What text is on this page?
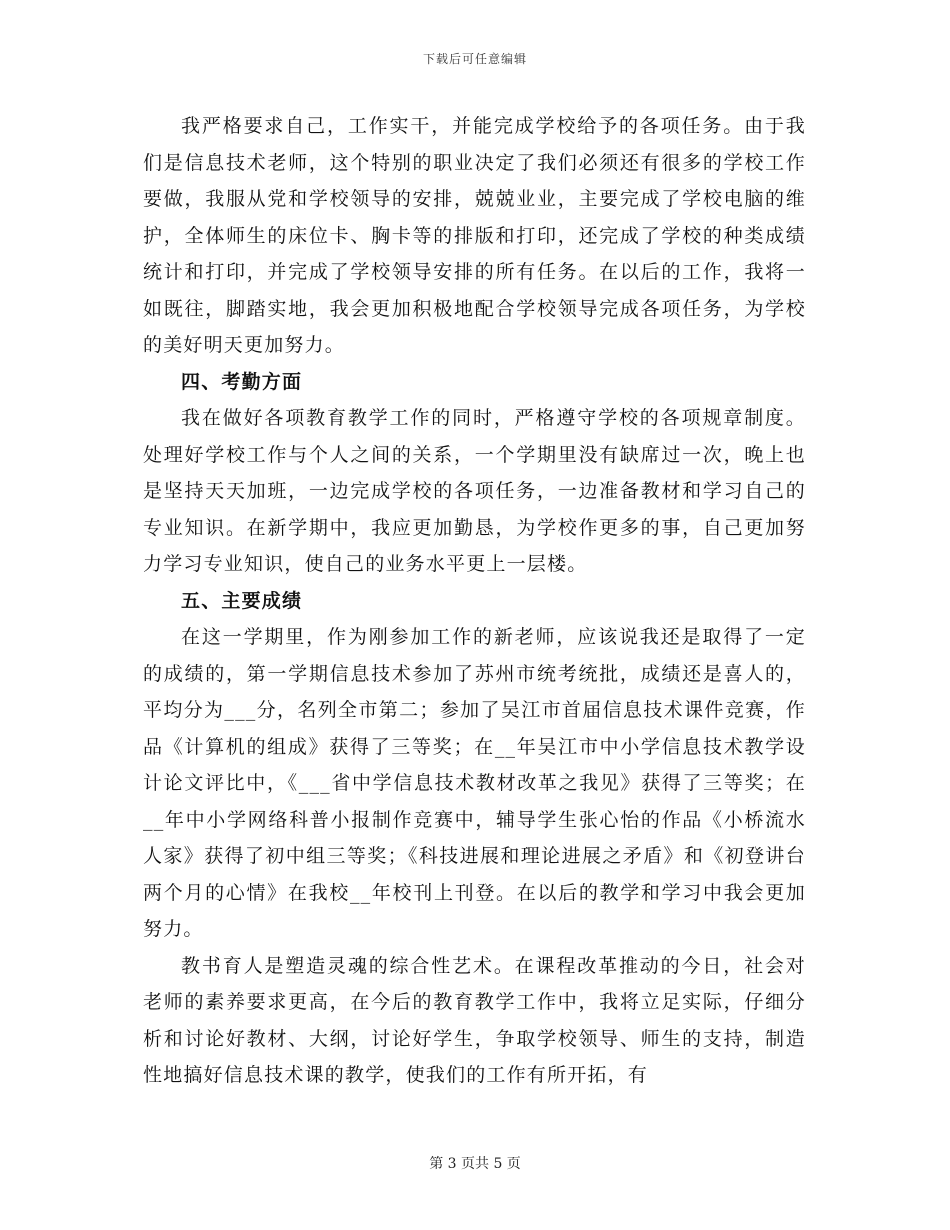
下载后可任意编辑

我严格要求自己，工作实干，并能完成学校给予的各项任务。由于我们是信息技术老师，这个特别的职业决定了我们必须还有很多的学校工作要做，我服从党和学校领导的安排，兢兢业业，主要完成了学校电脑的维护，全体师生的床位卡、胸卡等的排版和打印，还完成了学校的种类成绩统计和打印，并完成了学校领导安排的所有任务。在以后的工作，我将一如既往，脚踏实地，我会更加积极地配合学校领导完成各项任务，为学校的美好明天更加努力。

四、考勤方面

我在做好各项教育教学工作的同时，严格遵守学校的各项规章制度。处理好学校工作与个人之间的关系，一个学期里没有缺席过一次，晚上也是坚持天天加班，一边完成学校的各项任务，一边准备教材和学习自己的专业知识。在新学期中，我应更加勤恳，为学校作更多的事，自己更加努力学习专业知识，使自己的业务水平更上一层楼。

五、主要成绩

在这一学期里，作为刚参加工作的新老师，应该说我还是取得了一定的成绩的，第一学期信息技术参加了苏州市统考统批，成绩还是喜人的，平均分为___分，名列全市第二；参加了吴江市首届信息技术课件竞赛，作品《计算机的组成》获得了三等奖；在__年吴江市中小学信息技术教学设计论文评比中，《___省中学信息技术教材改革之我见》获得了三等奖；在__年中小学网络科普小报制作竞赛中，辅导学生张心怡的作品《小桥流水人家》获得了初中组三等奖；《科技进展和理论进展之矛盾》和《初登讲台两个月的心情》在我校__年校刊上刊登。在以后的教学和学习中我会更加努力。

教书育人是塑造灵魂的综合性艺术。在课程改革推动的今日，社会对老师的素养要求更高，在今后的教育教学工作中，我将立足实际，仔细分析和讨论好教材、大纲，讨论好学生，争取学校领导、师生的支持，制造性地搞好信息技术课的教学，使我们的工作有所开拓，有

第 3 页共 5 页
